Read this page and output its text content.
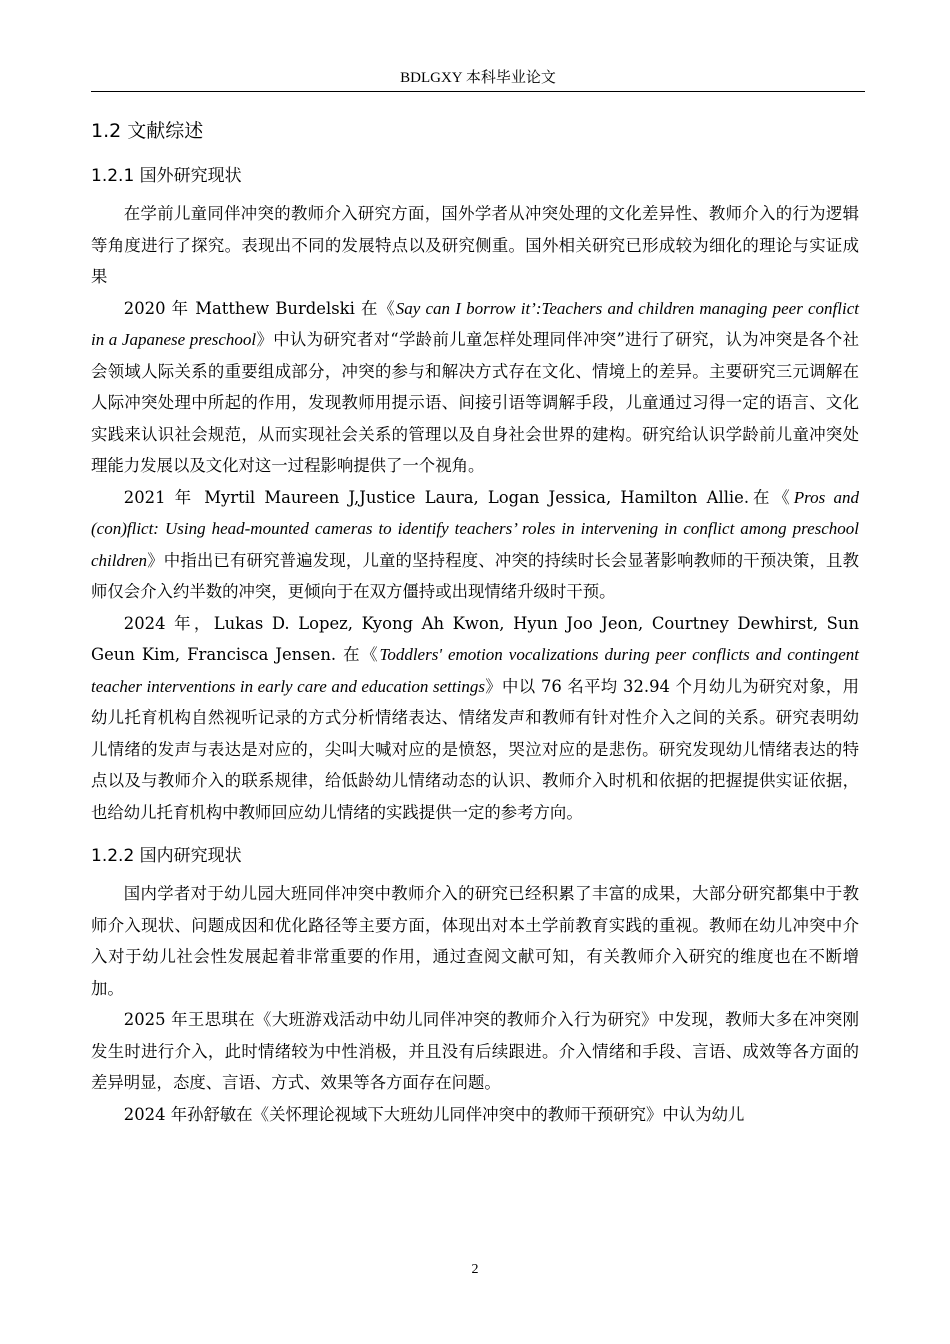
BDLGXY 本科毕业论文
1.2 文献综述
1.2.1 国外研究现状

在学前儿童同伴冲突的教师介入研究方面，国外学者从冲突处理的文化差异性、教师介入的行为逻辑等角度进行了探究。表现出不同的发展特点以及研究侧重。国外相关研究已形成较为细化的理论与实证成果

2020 年 Matthew Burdelski 在《Say can I borrow it’:Teachers and children managing peer conflict in a Japanese preschool》中认为研究者对“学龄前儿童怎样处理同伴冲突”进行了研究，认为冲突是各个社会领域人际关系的重要组成部分，冲突的参与和解决方式存在文化、情境上的差异。主要研究三元调解在人际冲突处理中所起的作用，发现教师用提示语、间接引语等调解手段，儿童通过习得一定的语言、文化实践来认识社会规范，从而实现社会关系的管理以及自身社会世界的建构。研究给认识学龄前儿童冲突处理能力发展以及文化对这一过程影响提供了一个视角。

2021 年 Myrtil Maureen J,Justice Laura, Logan Jessica, Hamilton Allie.在《Pros and (con)flict: Using head-mounted cameras to identify teachers’ roles in intervening in conflict among preschool children》中指出已有研究普遍发现，儿童的坚持程度、冲突的持续时长会显著影响教师的干预决策，且教师仅会介入约半数的冲突，更倾向于在双方僵持或出现情绪升级时干预。

2024 年，Lukas D. Lopez, Kyong Ah Kwon, Hyun Joo Jeon, Courtney Dewhirst, Sun Geun Kim, Francisca Jensen. 在《Toddlers' emotion vocalizations during peer conflicts and contingent teacher interventions in early care and education settings》中以 76 名平均 32.94 个月幼儿为研究对象，用幼儿托育机构自然视听记录的方式分析情绪表达、情绪发声和教师有针对性介入之间的关系。研究表明幼儿情绪的发声与表达是对应的，尖叫大喊对应的是愤怒，哭泣对应的是悲伤。研究发现幼儿情绪表达的特点以及与教师介入的联系规律，给低龄幼儿情绪动态的认识、教师介入时机和依据的把握提供实证依据，也给幼儿托育机构中教师回应幼儿情绪的实践提供一定的参考方向。

1.2.2 国内研究现状

国内学者对于幼儿园大班同伴冲突中教师介入的研究已经积累了丰富的成果，大部分研究都集中于教师介入现状、问题成因和优化路径等主要方面，体现出对本土学前教育实践的重视。教师在幼儿冲突中介入对于幼儿社会性发展起着非常重要的作用，通过查阅文献可知，有关教师介入研究的维度也在不断增加。

2025 年王思琪在《大班游戏活动中幼儿同伴冲突的教师介入行为研究》中发现，教师大多在冲突刚发生时进行介入，此时情绪较为中性消极，并且没有后续跟进。介入情绪和手段、言语、成效等各方面的差异明显，态度、言语、方式、效果等各方面存在问题。

2024 年孙舒敏在《关怀理论视域下大班幼儿同伴冲突中的教师干预研究》中认为幼儿

2
